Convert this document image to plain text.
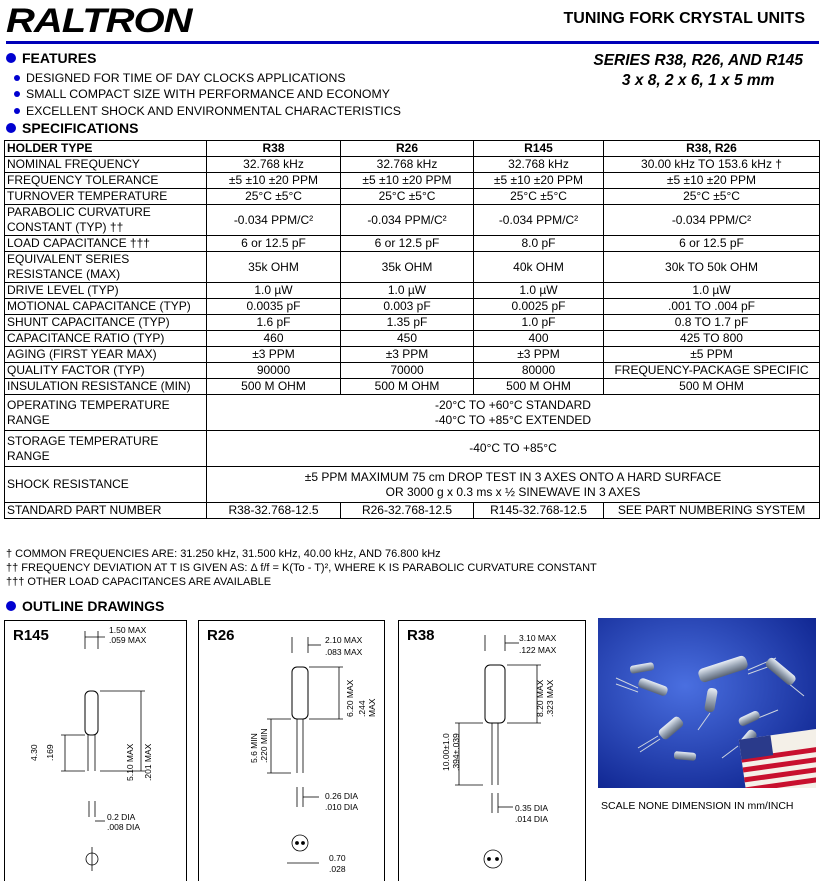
RALTRON	TUNING FORK CRYSTAL UNITS
FEATURES	SERIES R38, R26, AND R145
3 x 8, 2 x 6, 1 x 5 mm
DESIGNED FOR TIME OF DAY CLOCKS APPLICATIONS
SMALL COMPACT SIZE WITH PERFORMANCE AND ECONOMY
EXCELLENT SHOCK AND ENVIRONMENTAL CHARACTERISTICS
SPECIFICATIONS
HOLDER TYPE	R38	R26	R145	R38, R26
NOMINAL FREQUENCY	32.768 kHz	32.768 kHz	32.768 kHz	30.00 kHz TO 153.6 kHz †
FREQUENCY TOLERANCE	±5 ±10 ±20 PPM	±5 ±10 ±20 PPM	±5 ±10 ±20 PPM	±5 ±10 ±20 PPM
TURNOVER TEMPERATURE	25°C ±5°C	25°C ±5°C	25°C ±5°C	25°C ±5°C
PARABOLIC CURVATURE CONSTANT (TYP) ††	-0.034 PPM/C²	-0.034 PPM/C²	-0.034 PPM/C²	-0.034 PPM/C²
LOAD CAPACITANCE †††	6 or 12.5 pF	6 or 12.5 pF	8.0 pF	6 or 12.5 pF
EQUIVALENT SERIES RESISTANCE (MAX)	35k OHM	35k OHM	40k OHM	30k TO 50k OHM
DRIVE LEVEL (TYP)	1.0 µW	1.0 µW	1.0 µW	1.0 µW
MOTIONAL CAPACITANCE (TYP)	0.0035 pF	0.003 pF	0.0025 pF	.001 TO .004 pF
SHUNT CAPACITANCE (TYP)	1.6 pF	1.35 pF	1.0 pF	0.8 TO 1.7 pF
CAPACITANCE RATIO (TYP)	460	450	400	425 TO 800
AGING (FIRST YEAR MAX)	±3 PPM	±3 PPM	±3 PPM	±5 PPM
QUALITY FACTOR (TYP)	90000	70000	80000	FREQUENCY-PACKAGE SPECIFIC
INSULATION RESISTANCE (MIN)	500 M OHM	500 M OHM	500 M OHM	500 M OHM
OPERATING TEMPERATURE RANGE	-20°C TO +60°C STANDARD
-40°C TO +85°C EXTENDED			

STORAGE TEMPERATURE RANGE	-40°C TO +85°C			
SHOCK RESISTANCE	±5 PPM MAXIMUM 75 cm DROP TEST IN 3 AXES ONTO A HARD SURFACE
OR 3000 g x 0.3 ms x ½ SINEWAVE IN 3 AXES			

STANDARD PART NUMBER	R38-32.768-12.5	R26-32.768-12.5	R145-32.768-12.5	SEE PART NUMBERING SYSTEM
† COMMON FREQUENCIES ARE: 31.250 kHz, 31.500 kHz, 40.00 kHz, AND 76.800 kHz
†† FREQUENCY DEVIATION AT T IS GIVEN AS: Δ f/f = K(To - T)², WHERE K IS PARABOLIC CURVATURE CONSTANT
††† OTHER LOAD CAPACITANCES ARE AVAILABLE
OUTLINE DRAWINGS
R145	1.50 MAX
.059 MAX
4.30 .169	5.10 MAX .201 MAX
0.2 DIA
.008 DIA
R26	2.10 MAX
.083 MAX
6.20 MAX .244 MAX
5.6 MIN .220 MIN
0.26 DIA
.010 DIA
0.70
.028
R38	3.10 MAX
.122 MAX
8.20 MAX .323 MAX
10.00±1.0 .394±.039
0.35 DIA
.014 DIA
SCALE NONE DIMENSION IN mm/INCH
